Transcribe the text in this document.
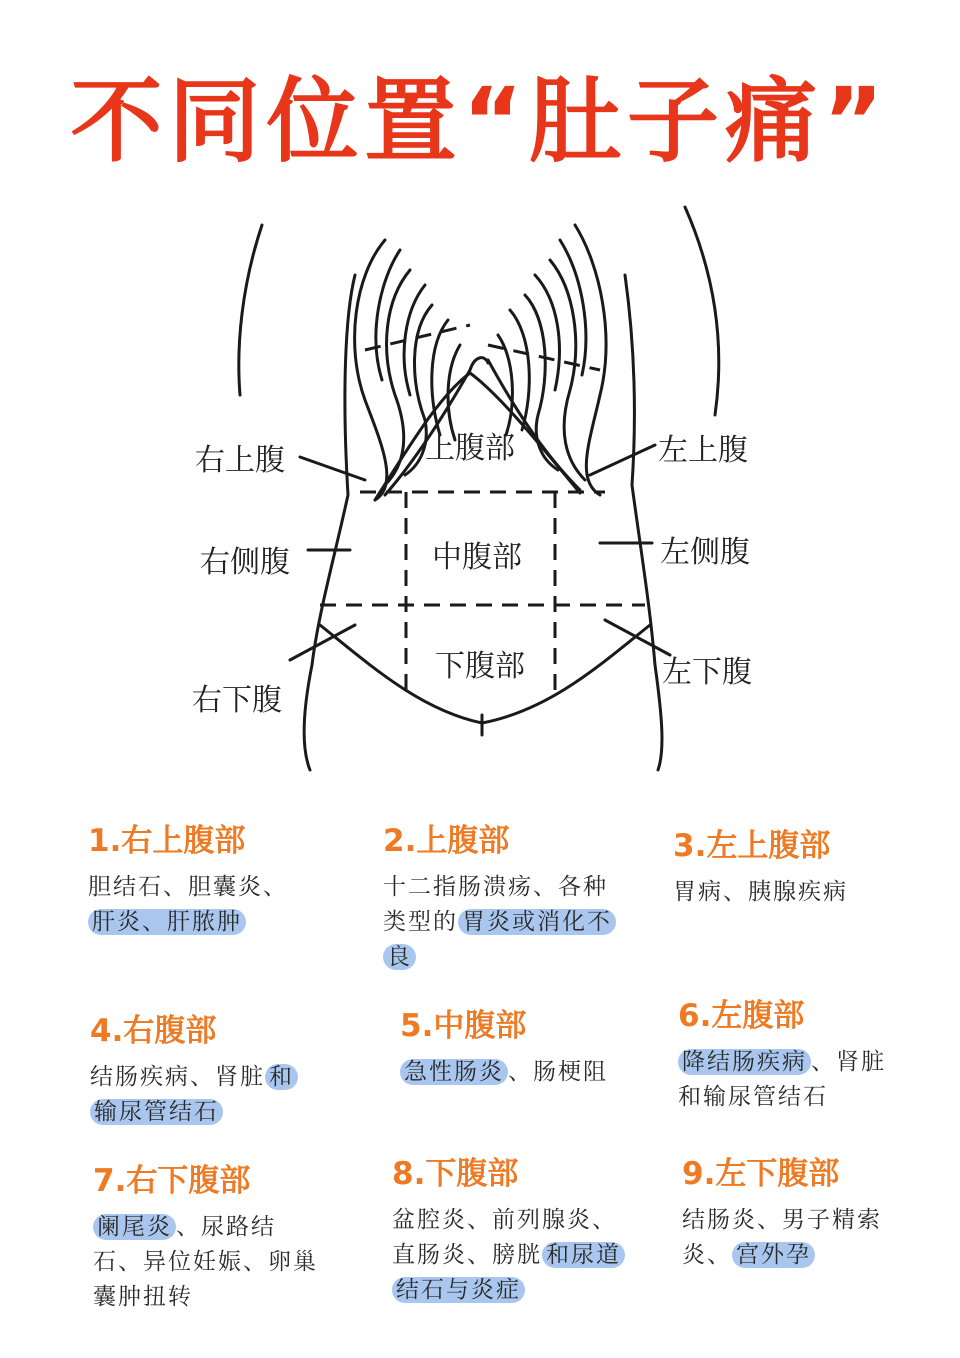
不同位置“肚子痛”
右上腹	上腹部	左上腹
右侧腹	中腹部	左侧腹
右下腹
下腹部	左下腹
1.右上腹部
胆结石、胆囊炎、肝炎、肝脓肿
2.上腹部
十二指肠溃疡、各种类型的 胃炎或消化不良
3.左上腹部
胃病、胰腺疾病
4.右腹部
结肠疾病、肾脏 和输尿管结石
5.中腹部
急性肠炎 、肠梗阻
6.左腹部
降结肠疾病 、肾脏和输尿管结石
7.右下腹部
阑尾炎 、尿路结石、异位妊娠、卵巢囊肿扭转
8.下腹部
盆腔炎、前列腺炎、直肠炎、膀胱 和尿道结石与炎症
9.左下腹部
结肠炎、男子精索炎、 宫外孕
